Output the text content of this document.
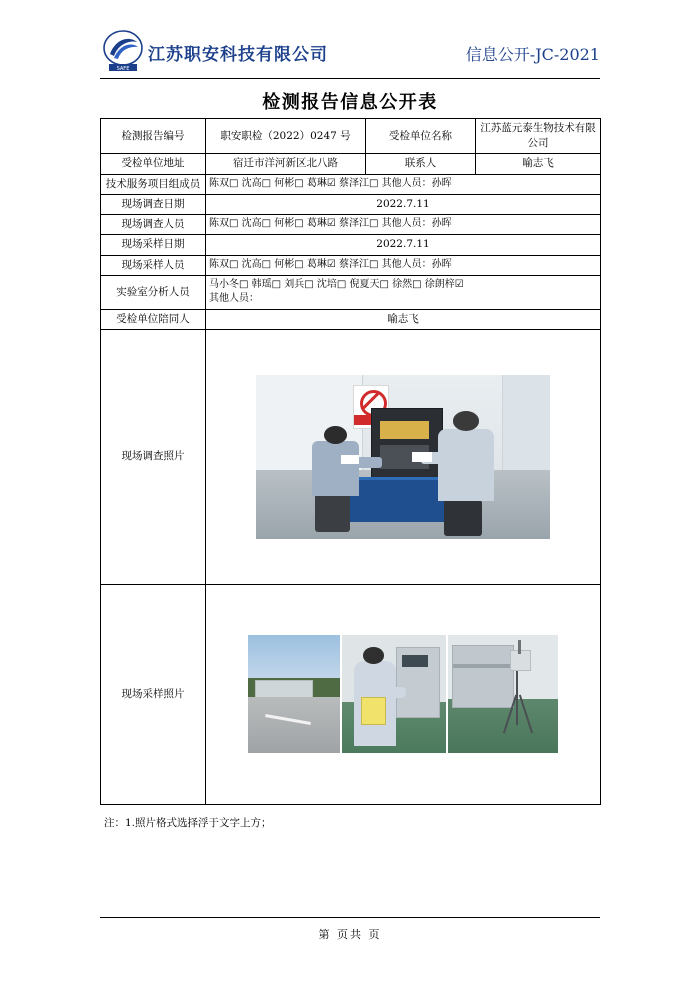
SAFE
江苏职安科技有限公司	信息公开-JC-2021
检测报告信息公开表
检测报告编号	职安职检（2022）0247 号	受检单位名称	江苏蓝元泰生物技术有限公司
受检单位地址	宿迁市洋河新区北八路	联系人	喻志飞
技术服务项目组成员	陈双□ 沈高□ 何彬□ 葛琳☑ 蔡泽江□ 其他人员：孙晖		
现场调查日期	2022.7.11		
现场调查人员	陈双□ 沈高□ 何彬□ 葛琳☑ 蔡泽江□ 其他人员：孙晖		
现场采样日期	2022.7.11		
现场采样人员	陈双□ 沈高□ 何彬□ 葛琳☑ 蔡泽江□ 其他人员：孙晖		
实验室分析人员	马小冬□ 韩瑶□ 刘兵□ 沈培□ 倪夏天□ 徐然□ 徐朗梓☑
其他人员：		

受检单位陪同人	喻志飞		
现场调查照片			

现场采样照片			
注：1.照片格式选择浮于文字上方；
第 页共 页
